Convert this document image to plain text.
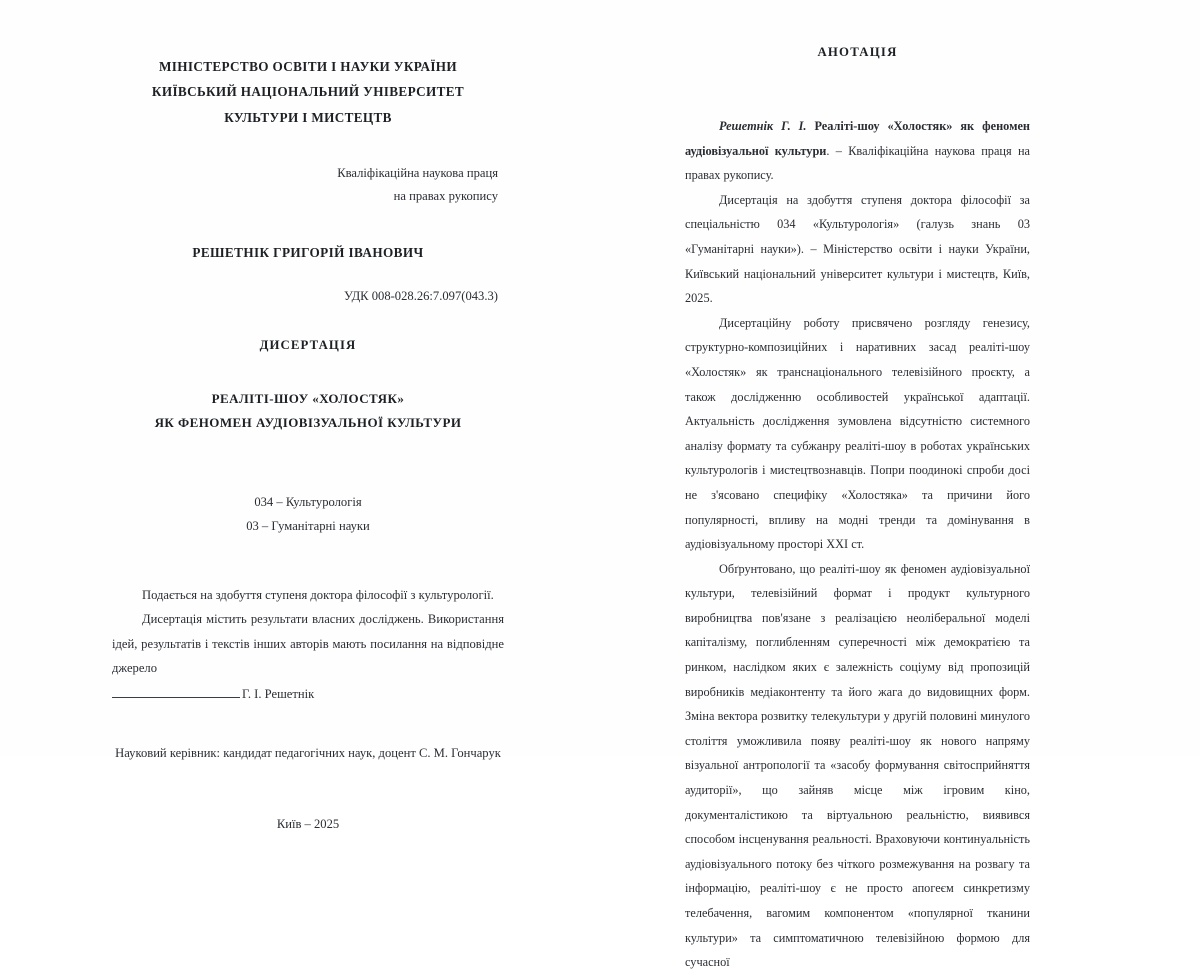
МІНІСТЕРСТВО ОСВІТИ І НАУКИ УКРАЇНИ
КИЇВСЬКИЙ НАЦІОНАЛЬНИЙ УНІВЕРСИТЕТ
КУЛЬТУРИ І МИСТЕЦТВ
Кваліфікаційна наукова праця
на правах рукопису
РЕШЕТНІК ГРИГОРІЙ ІВАНОВИЧ
УДК 008-028.26:7.097(043.3)
ДИСЕРТАЦІЯ
РЕАЛІТІ-ШОУ «ХОЛОСТЯК»
ЯК ФЕНОМЕН АУДІОВІЗУАЛЬНОЇ КУЛЬТУРИ
034 – Культурологія
03 – Гуманітарні науки
Подається на здобуття ступеня доктора філософії з культурології.
Дисертація містить результати власних досліджень. Використання ідей, результатів і текстів інших авторів мають посилання на відповідне джерело
Г. І. Решетнік
Науковий керівник: кандидат педагогічних наук, доцент С. М. Гончарук
Київ – 2025
АНОТАЦІЯ

Решетнік Г. І. Реаліті-шоу «Холостяк» як феномен аудіовізуальної культури. – Кваліфікаційна наукова праця на правах рукопису.

Дисертація на здобуття ступеня доктора філософії за спеціальністю 034 «Культурологія» (галузь знань 03 «Гуманітарні науки»). – Міністерство освіти і науки України, Київський національний університет культури і мистецтв, Київ, 2025.

Дисертаційну роботу присвячено розгляду генезису, структурно-композиційних і наративних засад реаліті-шоу «Холостяк» як транснаціонального телевізійного проєкту, а також дослідженню особливостей української адаптації. Актуальність дослідження зумовлена відсутністю системного аналізу формату та субжанру реаліті-шоу в роботах українських культурологів і мистецтвознавців. Попри поодинокі спроби досі не з'ясовано специфіку «Холостяка» та причини його популярності, впливу на модні тренди та домінування в аудіовізуальному просторі XXI ст.

Обґрунтовано, що реаліті-шоу як феномен аудіовізуальної культури, телевізійний формат і продукт культурного виробництва пов'язане з реалізацією неоліберальної моделі капіталізму, поглибленням суперечності між демократією та ринком, наслідком яких є залежність соціуму від пропозицій виробників медіаконтенту та його жага до видовищних форм. Зміна вектора розвитку телекультури у другій половині минулого століття уможливила появу реаліті-шоу як нового напряму візуальної антропології та «засобу формування світосприйняття аудиторії», що зайняв місце між ігровим кіно, документалістикою та віртуальною реальністю, виявився способом інсценування реальності. Враховуючи континуальність аудіовізуального потоку без чіткого розмежування на розвагу та інформацію, реаліті-шоу є не просто апогеєм синкретизму телебачення, вагомим компонентом «популярної тканини культури» та симптоматичною телевізійною формою для сучасної
